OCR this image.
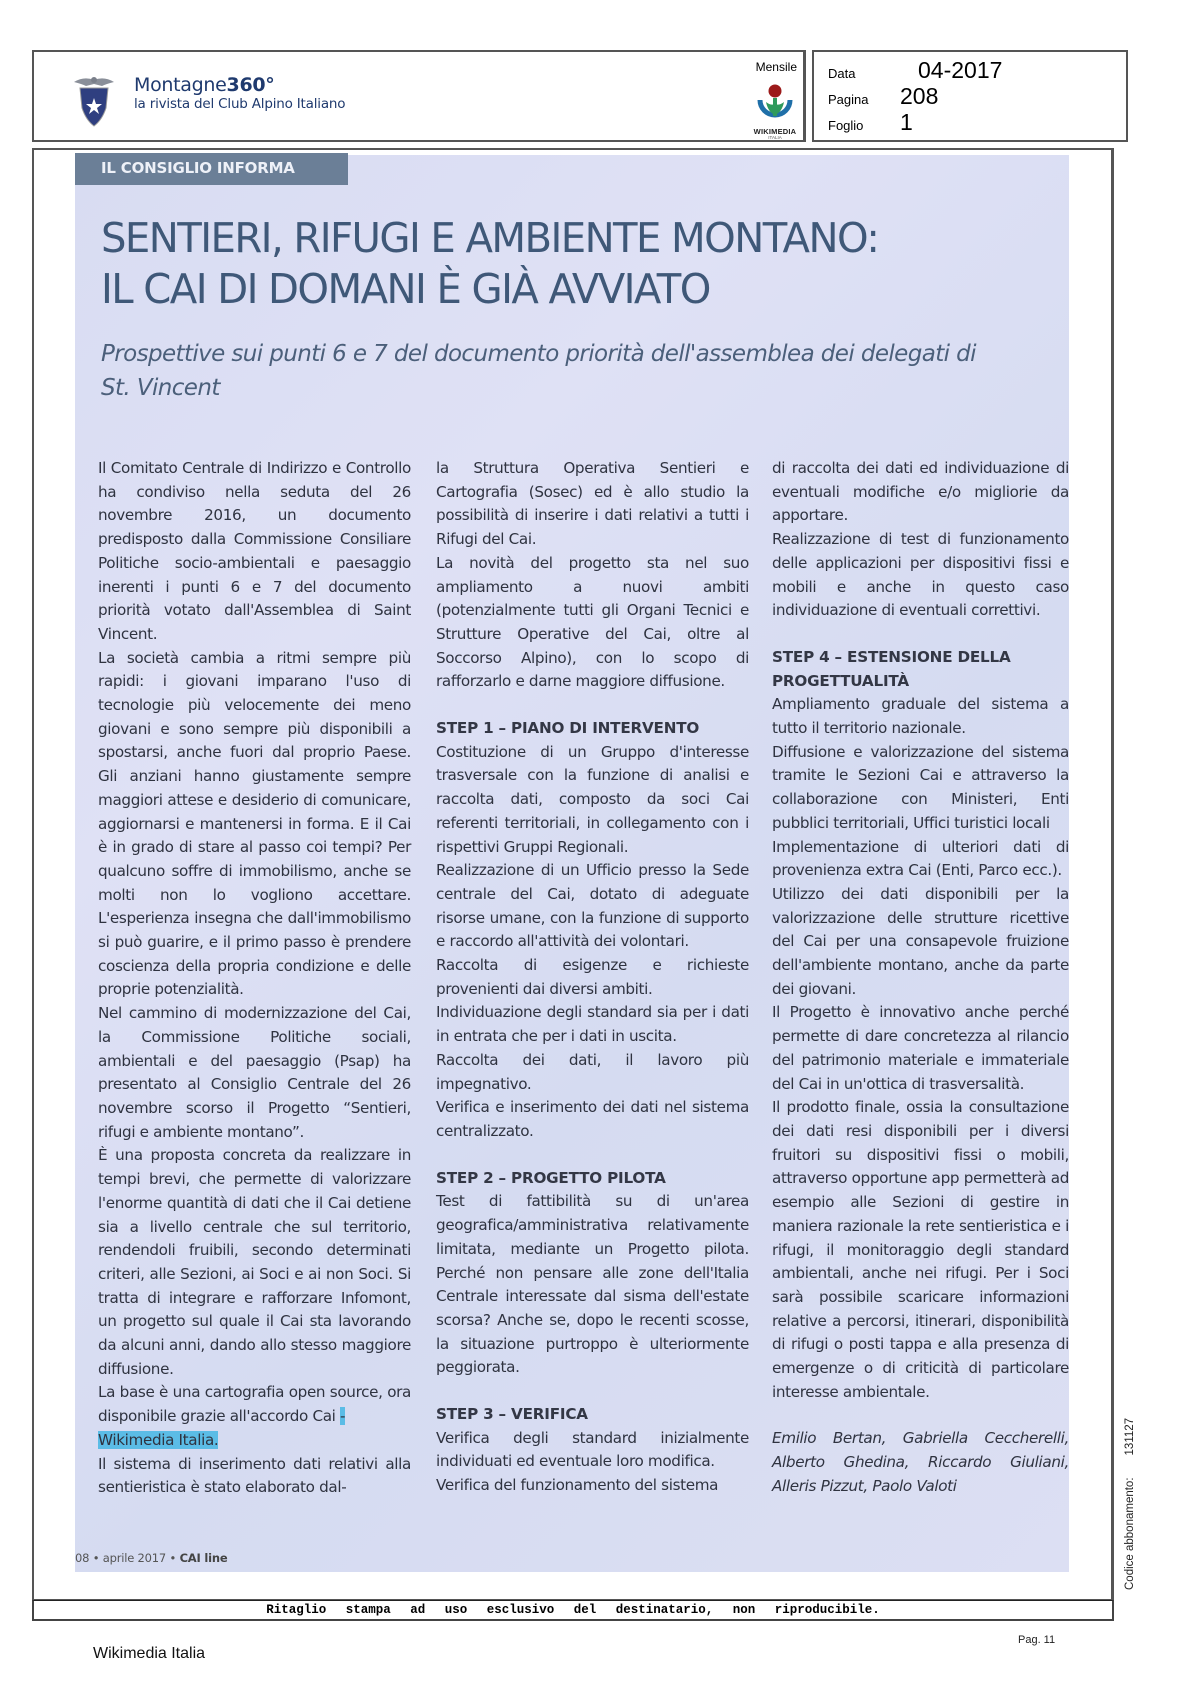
Montagne360°
la rivista del Club Alpino Italiano
Mensile
WIKIMEDIA
ITALIA
Data	04-2017
Pagina	208
Foglio	1
IL CONSIGLIO INFORMA
SENTIERI, RIFUGI E AMBIENTE MONTANO:
IL CAI DI DOMANI È GIÀ AVVIATO
Prospettive sui punti 6 e 7 del documento priorità dell'assemblea dei delegati di St. Vincent

Il Comitato Centrale di Indirizzo e Controllo ha condiviso nella seduta del 26 novembre 2016, un documento predisposto dalla Commissione Consiliare Politiche socio-ambientali e paesaggio inerenti i punti 6 e 7 del documento priorità votato dall'Assemblea di Saint Vincent.

La società cambia a ritmi sempre più rapidi: i giovani imparano l'uso di tecnologie più velocemente dei meno giovani e sono sempre più disponibili a spostarsi, anche fuori dal proprio Paese. Gli anziani hanno giustamente sempre maggiori attese e desiderio di comunicare, aggiornarsi e mantenersi in forma. E il Cai è in grado di stare al passo coi tempi? Per qualcuno soffre di immobilismo, anche se molti non lo vogliono accettare. L'esperienza insegna che dall'immobilismo si può guarire, e il primo passo è prendere coscienza della propria condizione e delle proprie potenzialità.

Nel cammino di modernizzazione del Cai, la Commissione Politiche sociali, ambientali e del paesaggio (Psap) ha presentato al Consiglio Centrale del 26 novembre scorso il Progetto “Sentieri, rifugi e ambiente montano”.

È una proposta concreta da realizzare in tempi brevi, che permette di valorizzare l'enorme quantità di dati che il Cai detiene sia a livello centrale che sul territorio, rendendoli fruibili, secondo determinati criteri, alle Sezioni, ai Soci e ai non Soci. Si tratta di integrare e rafforzare Infomont, un progetto sul quale il Cai sta lavorando da alcuni anni, dando allo stesso maggiore diffusione.

La base è una cartografia open source, ora disponibile grazie all'accordo Cai -
Wikimedia Italia.

Il sistema di inserimento dati relativi alla sentieristica è stato elaborato dal-

la Struttura Operativa Sentieri e Cartografia (Sosec) ed è allo studio la possibilità di inserire i dati relativi a tutti i Rifugi del Cai.

La novità del progetto sta nel suo ampliamento a nuovi ambiti (potenzialmente tutti gli Organi Tecnici e Strutture Operative del Cai, oltre al Soccorso Alpino), con lo scopo di rafforzarlo e darne maggiore diffusione.

STEP 1 – PIANO DI INTERVENTO

Costituzione di un Gruppo d'interesse trasversale con la funzione di analisi e raccolta dati, composto da soci Cai referenti territoriali, in collegamento con i rispettivi Gruppi Regionali.

Realizzazione di un Ufficio presso la Sede centrale del Cai, dotato di adeguate risorse umane, con la funzione di supporto e raccordo all'attività dei volontari.

Raccolta di esigenze e richieste provenienti dai diversi ambiti.

Individuazione degli standard sia per i dati in entrata che per i dati in uscita.

Raccolta dei dati, il lavoro più impegnativo.

Verifica e inserimento dei dati nel sistema centralizzato.

STEP 2 – PROGETTO PILOTA

Test di fattibilità su di un'area geografica/amministrativa relativamente limitata, mediante un Progetto pilota. Perché non pensare alle zone dell'Italia Centrale interessate dal sisma dell'estate scorsa? Anche se, dopo le recenti scosse, la situazione purtroppo è ulteriormente peggiorata.

STEP 3 – VERIFICA

Verifica degli standard inizialmente individuati ed eventuale loro modifica.

Verifica del funzionamento del sistema

di raccolta dei dati ed individuazione di eventuali modifiche e/o migliorie da apportare.

Realizzazione di test di funzionamento delle applicazioni per dispositivi fissi e mobili e anche in questo caso individuazione di eventuali correttivi.

STEP 4 – ESTENSIONE DELLA PROGETTUALITÀ

Ampliamento graduale del sistema a tutto il territorio nazionale.

Diffusione e valorizzazione del sistema tramite le Sezioni Cai e attraverso la collaborazione con Ministeri, Enti pubblici territoriali, Uffici turistici locali

Implementazione di ulteriori dati di provenienza extra Cai (Enti, Parco ecc.).

Utilizzo dei dati disponibili per la valorizzazione delle strutture ricettive del Cai per una consapevole fruizione dell'ambiente montano, anche da parte dei giovani.

Il Progetto è innovativo anche perché permette di dare concretezza al rilancio del patrimonio materiale e immateriale del Cai in un'ottica di trasversalità.

Il prodotto finale, ossia la consultazione dei dati resi disponibili per i diversi fruitori su dispositivi fissi o mobili, attraverso opportune app permetterà ad esempio alle Sezioni di gestire in maniera razionale la rete sentieristica e i rifugi, il monitoraggio degli standard ambientali, anche nei rifugi. Per i Soci sarà possibile scaricare informazioni relative a percorsi, itinerari, disponibilità di rifugi o posti tappa e alla presenza di emergenze o di criticità di particolare interesse ambientale.

Emilio Bertan, Gabriella Ceccherelli, Alberto Ghedina, Riccardo Giuliani, Alleris Pizzut, Paolo Valoti

08 • aprile 2017 • CAI line
Ritaglio stampa ad uso esclusivo del destinatario, non riproducibile.
Codice abbonamento:131127
Wikimedia Italia
Pag. 11
